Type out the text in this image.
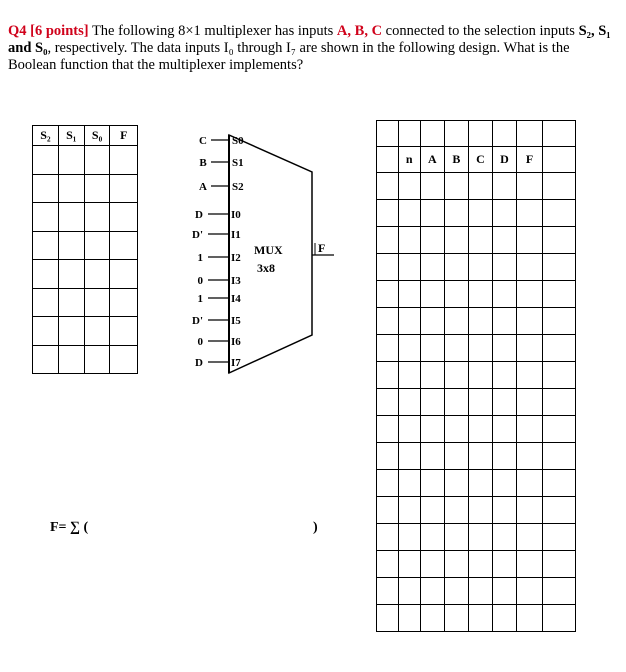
Q4 [6 points] The following 8×1 multiplexer has inputs A, B, C connected to the selection inputs S₂, S₁ and S₀, respectively. The data inputs I₀ through I₇ are shown in the following design. What is the Boolean function that the multiplexer implements?
S₂	S₁	S₀	F

				C S0
B S1
A S2
D	I0
D'	I1
1	I2
0	I3
1	I4
D'	I5
0	I6
D	I7
MUX
3x8
F

	n	A	B	C	D	F	

F= ∑ (	)
